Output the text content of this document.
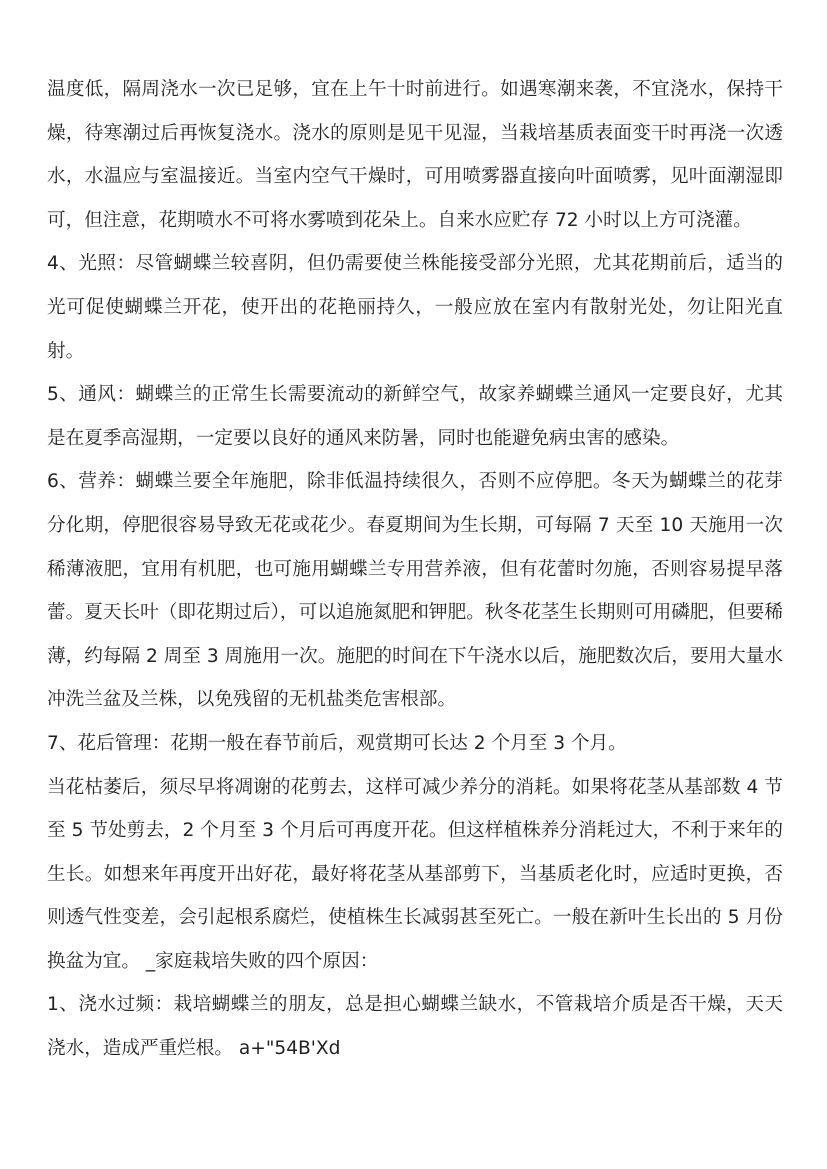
温度低，隔周浇水一次已足够，宜在上午十时前进行。如遇寒潮来袭，不宜浇水，保持干燥，待寒潮过后再恢复浇水。浇水的原则是见干见湿，当栽培基质表面变干时再浇一次透水，水温应与室温接近。当室内空气干燥时，可用喷雾器直接向叶面喷雾，见叶面潮湿即可，但注意，花期喷水不可将水雾喷到花朵上。自来水应贮存 72 小时以上方可浇灌。

4、光照：尽管蝴蝶兰较喜阴，但仍需要使兰株能接受部分光照，尤其花期前后，适当的光可促使蝴蝶兰开花，使开出的花艳丽持久，一般应放在室内有散射光处，勿让阳光直射。

5、通风：蝴蝶兰的正常生长需要流动的新鲜空气，故家养蝴蝶兰通风一定要良好，尤其是在夏季高湿期，一定要以良好的通风来防暑，同时也能避免病虫害的感染。

6、营养：蝴蝶兰要全年施肥，除非低温持续很久，否则不应停肥。冬天为蝴蝶兰的花芽分化期，停肥很容易导致无花或花少。春夏期间为生长期，可每隔 7 天至 10 天施用一次稀薄液肥，宜用有机肥，也可施用蝴蝶兰专用营养液，但有花蕾时勿施，否则容易提早落蕾。夏天长叶（即花期过后），可以追施氮肥和钾肥。秋冬花茎生长期则可用磷肥，但要稀薄，约每隔 2 周至 3 周施用一次。施肥的时间在下午浇水以后，施肥数次后，要用大量水冲洗兰盆及兰株，以免残留的无机盐类危害根部。

7、花后管理：花期一般在春节前后，观赏期可长达 2 个月至 3 个月。

当花枯萎后，须尽早将凋谢的花剪去，这样可减少养分的消耗。如果将花茎从基部数 4 节至 5 节处剪去，2 个月至 3 个月后可再度开花。但这样植株养分消耗过大，不利于来年的生长。如想来年再度开出好花，最好将花茎从基部剪下，当基质老化时，应适时更换，否则透气性变差，会引起根系腐烂，使植株生长减弱甚至死亡。一般在新叶生长出的 5 月份换盆为宜。 _家庭栽培失败的四个原因：

1、浇水过频：栽培蝴蝶兰的朋友，总是担心蝴蝶兰缺水，不管栽培介质是否干燥，天天浇水，造成严重烂根。 a+"54B'Xd
